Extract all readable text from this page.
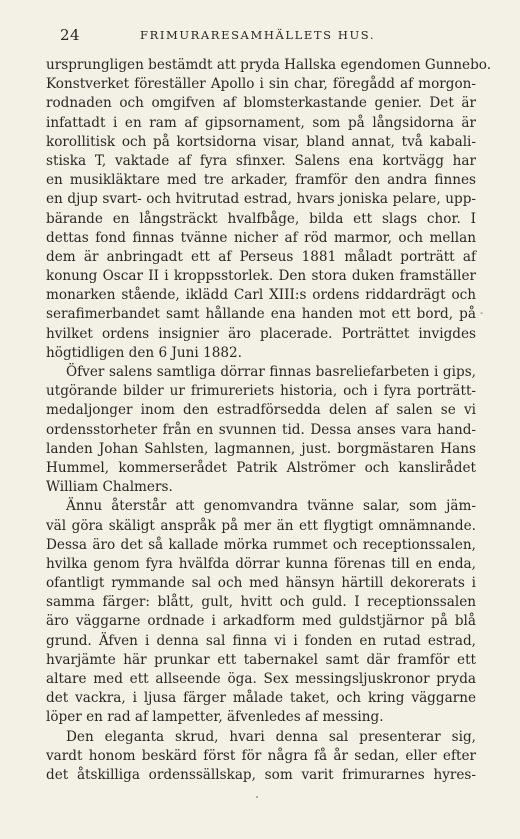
24	FRIMURARESAMHÄLLETS HUS.
ursprungligen bestämdt att pryda Hallska egendomen Gunnebo.
Konstverket föreställer Apollo i sin char, föregådd af morgon-
rodnaden och omgifven af blomsterkastande genier. Det är
infattadt i en ram af gipsornament, som på långsidorna är
korollitisk och på kortsidorna visar, bland annat, två kabali-
stiska T, vaktade af fyra sfinxer. Salens ena kortvägg har
en musikläktare med tre arkader, framför den andra finnes
en djup svart- och hvitrutad estrad, hvars joniska pelare, upp-
bärande en långsträckt hvalfbåge, bilda ett slags chor. I
dettas fond finnas tvänne nicher af röd marmor, och mellan
dem är anbringadt ett af Perseus 1881 måladt porträtt af
konung Oscar II i kroppsstorlek. Den stora duken framställer
monarken stående, iklädd Carl XIII:s ordens riddardrägt och
serafimerbandet samt hållande ena handen mot ett bord, på
hvilket ordens insignier äro placerade. Porträttet invigdes
högtidligen den 6 Juni 1882.
Öfver salens samtliga dörrar finnas basreliefarbeten i gips,
utgörande bilder ur frimureriets historia, och i fyra porträtt-
medaljonger inom den estradförsedda delen af salen se vi
ordensstorheter från en svunnen tid. Dessa anses vara hand-
landen Johan Sahlsten, lagmannen, just. borgmästaren Hans
Hummel, kommerserådet Patrik Alströmer och kanslirådet
William Chalmers.
Ännu återstår att genomvandra tvänne salar, som jäm-
väl göra skäligt anspråk på mer än ett flygtigt omnämnande.
Dessa äro det så kallade mörka rummet och receptionssalen,
hvilka genom fyra hvälfda dörrar kunna förenas till en enda,
ofantligt rymmande sal och med hänsyn härtill dekorerats i
samma färger: blått, gult, hvitt och guld. I receptionssalen
äro väggarne ordnade i arkadform med guldstjärnor på blå
grund. Äfven i denna sal finna vi i fonden en rutad estrad,
hvarjämte här prunkar ett tabernakel samt där framför ett
altare med ett allseende öga. Sex messingsljuskronor pryda
det vackra, i ljusa färger målade taket, och kring väggarne
löper en rad af lampetter, äfvenledes af messing.
Den eleganta skrud, hvari denna sal presenterar sig,
vardt honom beskärd först för några få år sedan, eller efter
det åtskilliga ordenssällskap, som varit frimurarnes hyres-
-
